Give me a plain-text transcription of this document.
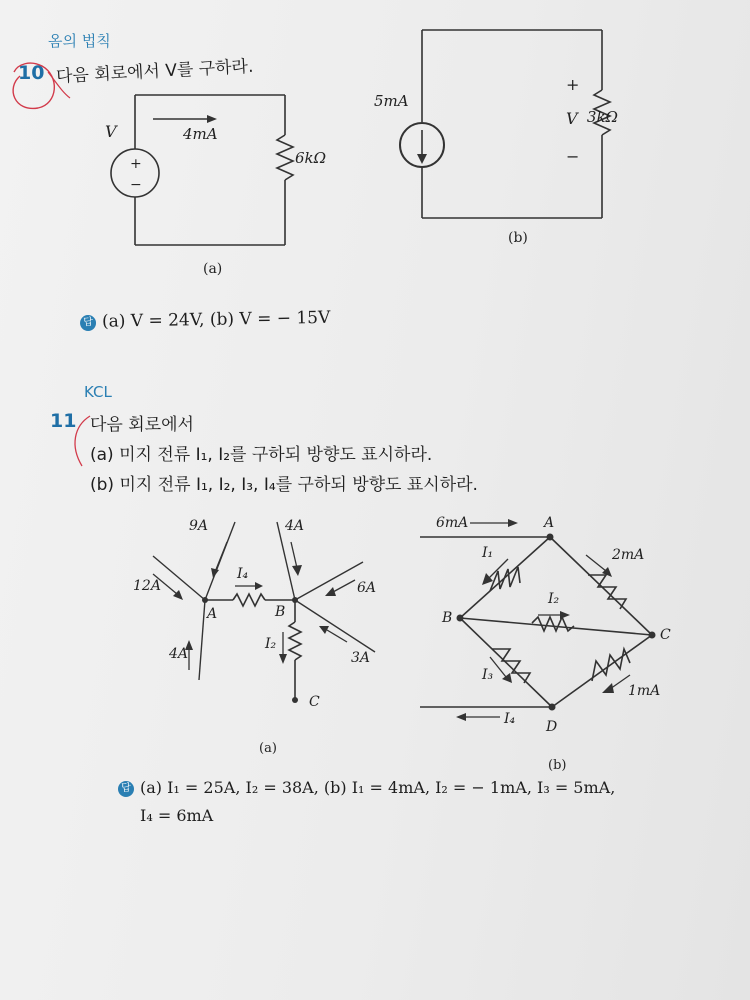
옴의 법칙
10 다음 회로에서 V를 구하라.
+
−
V	4mA
6kΩ
(a)
5mA
+
V
−
3kΩ
(b)
답 (a) V = 24V, (b) V = − 15V
KCL
11 다음 회로에서
(a) 미지 전류 I₁, I₂를 구하되 방향도 표시하라.
(b) 미지 전류 I₁, I₂, I₃, I₄를 구하되 방향도 표시하라.
9A	4A
12A
I₄
6A
A	B
4A
I₂
3A
C
(a)
6mA	A
I₁	2mA
I₂
B
C
I₃
1mA
I₄ D
(b)
답 (a) I₁ = 25A, I₂ = 38A, (b) I₁ = 4mA, I₂ = − 1mA, I₃ = 5mA,
I₄ = 6mA
